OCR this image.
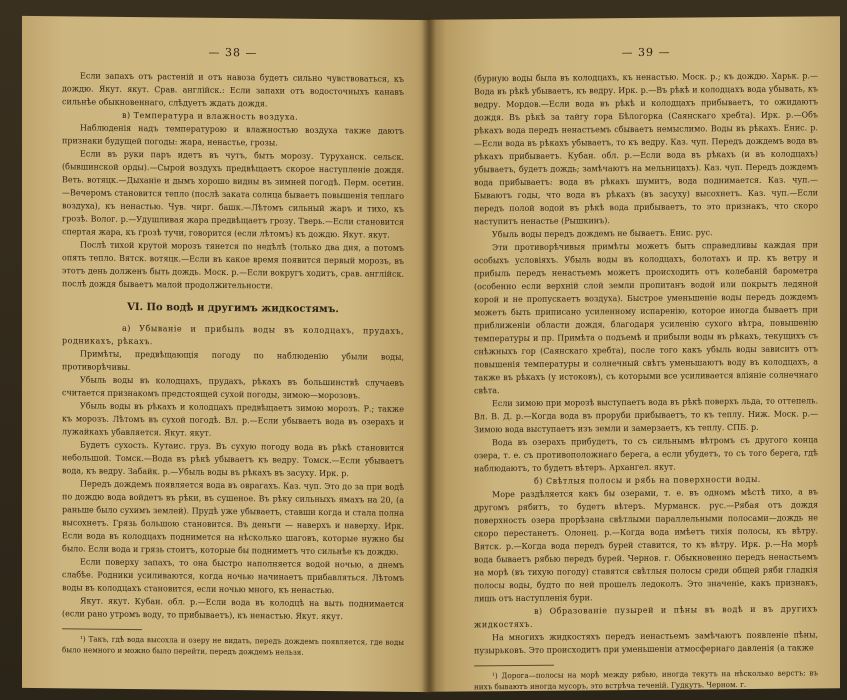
— 38 —

Если запахъ отъ растеній и отъ навоза будетъ сильно чувствоваться, къ дождю. Якут. якут. Срав. англійск.: Если запахи отъ водосточныхъ канавъ сильнѣе обыкновеннаго, слѣдуетъ ждать дождя.

в) Температура и влажность воздуха.

Наблюденія надъ температурою и влажностью воздуха также даютъ признаки будущей погоды: жара, ненастье, грозы.

Если въ руки паръ идетъ въ чутъ, быть морозу. Туруханск. сельск. (бывшинской орды).—Сырой воздухъ предвѣщаетъ скорое наступленіе дождя. Веть. вотяцк.—Дыханіе и дымъ хорошо видны въ зимней погодѣ. Перм. осетин.—Вечеромъ становится тепло (послѣ заката солнца бываетъ повышенія теплаго воздуха), къ ненастью. Чув. чирг. башк.—Лѣтомъ сильный жаръ и тихо, къ грозѣ. Волог. р.—Удушливая жара предвѣщаетъ грозу. Тверь.—Если становится спертая жара, къ грозѣ тучи, говорится (если лѣтомъ) къ дождю. Якут. якут.

Послѣ тихой крутой морозъ тянется по недѣлѣ (только два дня, а потомъ опять тепло. Вятск. вотяцк.—Если въ какое время появится первый морозъ, въ этотъ день долженъ быть дождь. Моск. р.—Если вокругъ ходитъ, срав. англійск. послѣ дождя бываетъ малой продолжительности.

VI. По водѣ и другимъ жидкостямъ.

а) Убываніе и прибыль воды въ колодцахъ, прудахъ, родникахъ, рѣкахъ.

Примѣты, предвѣщающія погоду по наблюденію убыли воды, противорѣчивы.

Убыль воды въ колодцахъ, прудахъ, рѣкахъ въ большинствѣ случаевъ считается признакомъ предстоящей сухой погоды, зимою—морозовъ.

Убыль воды въ рѣкахъ и колодцахъ предвѣщаетъ зимою морозъ. Р.; также къ морозъ. Лѣтомъ въ сухой погодѣ. Вл. р.—Если убываетъ вода въ озерахъ и лужайкахъ убавляется. Якут. якут.

Будетъ сухость. Кутаис. груз. Въ сухую погоду вода въ рѣкѣ становится небольшой. Томск.—Вода въ рѣкѣ убываетъ къ ведру. Томск.—Если убываетъ вода, къ ведру. Забайк. р.—Убыль воды въ рѣкахъ въ засуху. Ирк. р.

Передъ дождемъ появляется вода въ оврагахъ. Каз. чуп. Это до за при водѣ по дождю вода войдетъ въ рѣки, въ сушеное. Въ рѣку сильныхъ ямахъ на 20, (а раньше было сухимъ землей). Прудѣ уже убываетъ, ставши когда и стала полна высохнетъ. Грязь большою становится. Въ деньги — наверхъ и наверху. Ирк. Если вода въ колодцахъ поднимется на нѣсколько шаговъ, которые нужно бы было. Если вода и грязь стоитъ, которые бы подниметъ что сильнѣе къ дождю.

Если поверху запахъ, то она быстро наполняется водой ночью, а днемъ слабѣе. Родники усиливаются, когда ночью начинаетъ прибавляться. Лѣтомъ воды въ колодцахъ становится, если ночью много, къ ненастью.

Якут. якут. Кубан. обл. р.—Если вода въ колодцѣ на выть поднимается (если рано утромъ воду, то прибываетъ), къ ненастью. Якут. якут.

¹) Такъ, гдѣ вода высохла и озеру не видать, передъ дождемъ появляется, где воды было немного и можно было перейти, передъ дождемъ нельзя.

— 39 —

(бурную воды была въ колодцахъ, къ ненастью. Моск. р.; къ дождю. Харьк. р.—Вода въ рѣкѣ убываетъ, къ ведру. Ирк. р.—Въ рѣкѣ и колодцахъ вода убывать, къ ведру. Мордов.—Если вода въ рѣкѣ и колодцахъ прибываетъ, то ожидаютъ дождя. Въ рѣкѣ за тайгу гора Бѣлогорка (Саянскаго хребта). Ирк. р.—Объ рѣкахъ вода передъ ненастьемъ сбываетъ немыслимо. Воды въ рѣкахъ. Енис. р.—Если вода въ рѣкахъ убываетъ, то къ ведру. Каз. чуп. Передъ дождемъ вода въ рѣкахъ прибываетъ. Кубан. обл. р.—Если вода въ рѣкахъ (и въ колодцахъ) убываетъ, будетъ дождь; замѣчаютъ на мельницахъ). Каз. чуп. Передъ дождемъ вода прибываетъ: вода въ рѣкахъ шумитъ, вода поднимается. Каз. чуп.—Бываютъ годы, что вода въ рѣкахъ (въ засуху) высохнетъ. Каз. чуп.—Если передъ полой водой въ рѣкѣ вода прибываетъ, то это признакъ, что скоро наступитъ ненастье (Рышкинъ).

Убыль воды передъ дождемъ не бываетъ. Енис. рус.

Эти противорѣчивыя примѣты можетъ быть справедливы каждая при особыхъ условіяхъ. Убыль воды въ колодцахъ, болотахъ и пр. къ ветру и прибыль передъ ненастьемъ можетъ происходить отъ колебаній барометра (особенно если верхній слой земли пропитанъ водой или покрытъ ледяной корой и не пропускаетъ воздуха). Быстрое уменьшеніе воды передъ дождемъ можетъ быть приписано усиленному испаренію, которое иногда бываетъ при приближеніи области дождя, благодаря усиленію сухого вѣтра, повышенію температуры и пр. Примѣта о подъемѣ и прибыли воды въ рѣкахъ, текущихъ съ снѣжныхъ гор (Саянскаго хребта), после того какъ убыль воды зависитъ отъ повышенія температуры и солнечный свѣтъ уменьшаютъ воду въ колодцахъ, а также въ рѣкахъ (у истоковъ), съ которыми все усиливается вліяніе солнечнаго свѣта.

Если зимою при морозѣ выступаетъ вода въ рѣкѣ поверхъ льда, то оттепель. Вл. В. Д. р.—Когда вода въ проруби прибываетъ, то къ теплу. Ниж. Моск. р.—Зимою вода выступаетъ изъ земли и замерзаетъ, къ теплу. СПБ. р.

Вода въ озерахъ прибудетъ, то съ сильнымъ вѣтромъ съ другого конца озера, т. е. съ противоположнаго берега, а если убудетъ, то съ того берега, гдѣ наблюдаютъ, то будетъ вѣтеръ. Архангел. якут.

б) Свѣтлыя полосы и рябь на поверхности воды.

Море раздѣляется какъ бы озерами, т. е. въ одномъ мѣстѣ тихо, а въ другомъ рябитъ, то будетъ вѣтеръ. Мурманск. рус.—Рябая отъ дождя поверхность озера прорѣзана свѣтлыми параллельными полосами—дождь не скоро перестанетъ. Олонец. р.—Когда вода имѣетъ тихія полосы, къ вѣтру. Вятск. р.—Когда вода передъ бурей ставится, то къ вѣтру. Ирк. р.—На морѣ вода бываетъ рябью передъ бурей. Чернов. г. Обыкновенно передъ ненастьемъ на морѣ (въ тихую погоду) ставятся свѣтлыя полосы среди общей ряби гладкія полосы воды, будто по ней прошелъ ледоколъ. Это значеніе, какъ признакъ, лишь отъ наступленія бури.

в) Образованіе пузырей и пѣны въ водѣ и въ другихъ жидкостяхъ.

На многихъ жидкостяхъ передъ ненастьемъ замѣчаютъ появленіе пѣны, пузырьковъ. Это происходитъ при уменьшеніи атмосфернаго давленія (а также

¹) Дорога—полосы на морѣ между рябью, иногда текутъ на нѣсколько верстъ; въ нихъ бываютъ иногда мусоръ, это встрѣча теченій. Гудкутъ. Черном. г.
